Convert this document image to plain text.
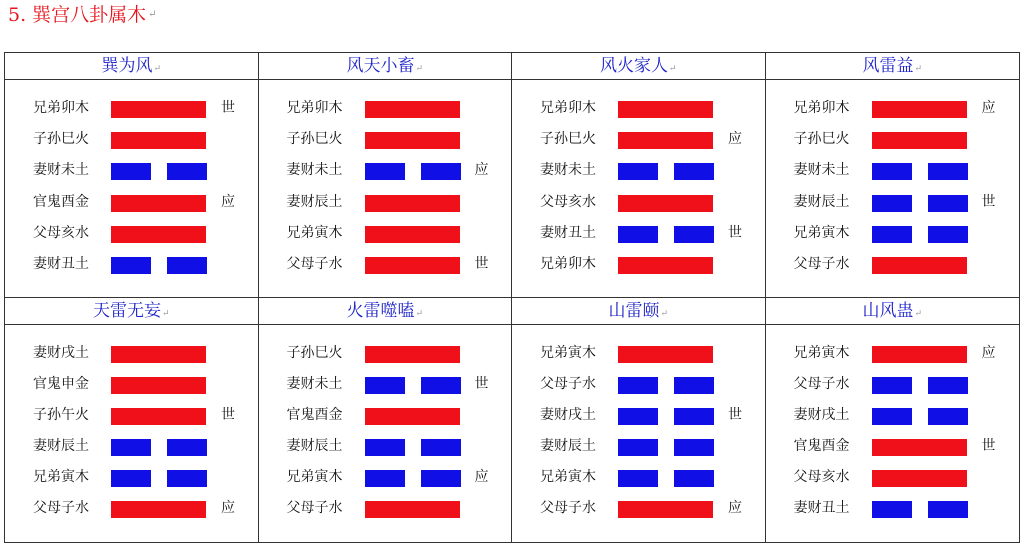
5. 巽宫八卦属木 ↵
巽为风↵
兄弟卯木	世
子孙巳火
妻财未土
官鬼酉金	应
父母亥水
妻财丑土
风天小畜↵
兄弟卯木
子孙巳火
妻财未土	应
妻财辰土
兄弟寅木
父母子水	世
风火家人↵
兄弟卯木
子孙巳火	应
妻财未土
父母亥水
妻财丑土	世
兄弟卯木
风雷益↵
兄弟卯木	应
子孙巳火
妻财未土
妻财辰土	世
兄弟寅木
父母子水
天雷无妄↵
妻财戌土
官鬼申金
子孙午火	世
妻财辰土
兄弟寅木
父母子水	应
火雷噬嗑↵
子孙巳火
妻财未土	世
官鬼酉金
妻财辰土
兄弟寅木	应
父母子水
山雷颐↵
兄弟寅木
父母子水
妻财戌土	世
妻财辰土
兄弟寅木
父母子水	应
山风蛊↵
兄弟寅木	应
父母子水
妻财戌土
官鬼酉金	世
父母亥水
妻财丑土
